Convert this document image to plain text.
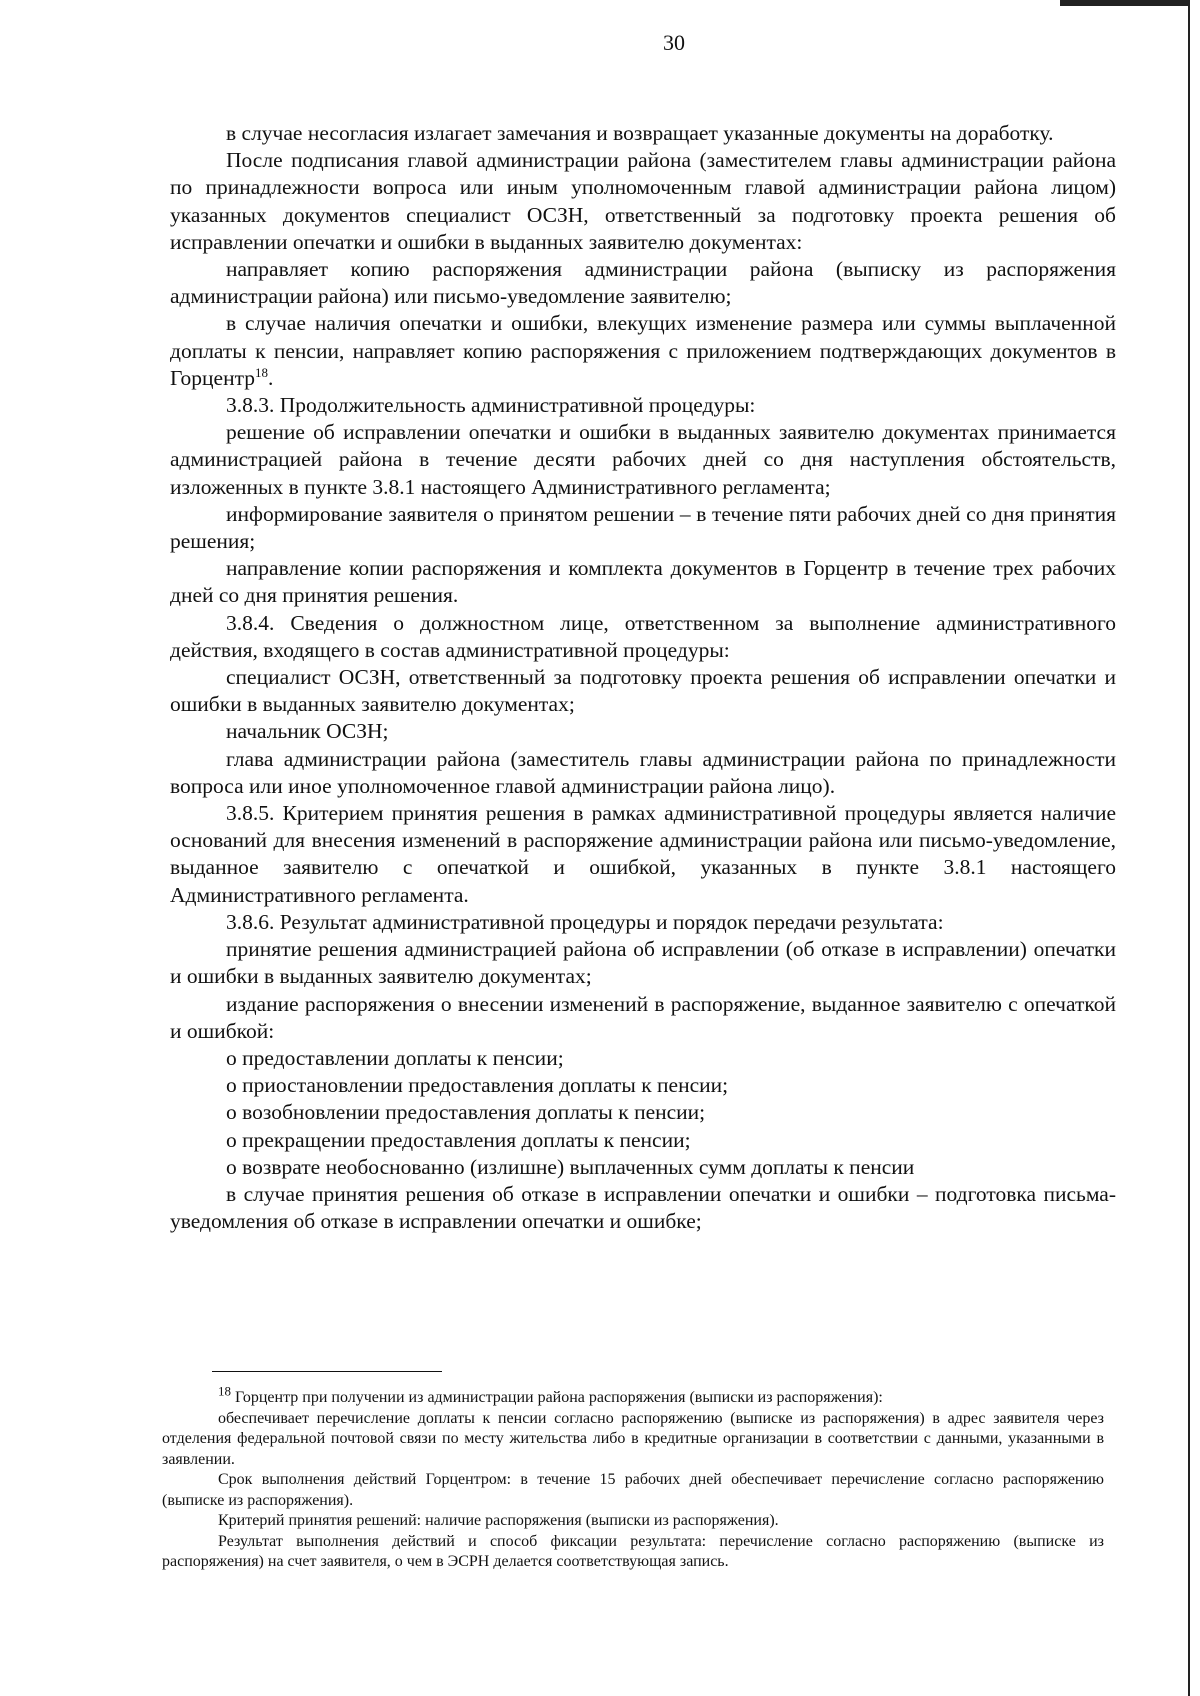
30

в случае несогласия излагает замечания и возвращает указанные документы на доработку.

После подписания главой администрации района (заместителем главы администрации района по принадлежности вопроса или иным уполномоченным главой администрации района лицом) указанных документов специалист ОСЗН, ответственный за подготовку проекта решения об исправлении опечатки и ошибки в выданных заявителю документах:

направляет копию распоряжения администрации района (выписку из распоряжения администрации района) или письмо-уведомление заявителю;

в случае наличия опечатки и ошибки, влекущих изменение размера или суммы выплаченной доплаты к пенсии, направляет копию распоряжения с приложением подтверждающих документов в Горцентр$^{18}$.

3.8.3. Продолжительность административной процедуры:

решение об исправлении опечатки и ошибки в выданных заявителю документах принимается администрацией района в течение десяти рабочих дней со дня наступления обстоятельств, изложенных в пункте 3.8.1 настоящего Административного регламента;

информирование заявителя о принятом решении – в течение пяти рабочих дней со дня принятия решения;

направление копии распоряжения и комплекта документов в Горцентр в течение трех рабочих дней со дня принятия решения.

3.8.4. Сведения о должностном лице, ответственном за выполнение административного действия, входящего в состав административной процедуры:

специалист ОСЗН, ответственный за подготовку проекта решения об исправлении опечатки и ошибки в выданных заявителю документах;

начальник ОСЗН;

глава администрации района (заместитель главы администрации района по принадлежности вопроса или иное уполномоченное главой администрации района лицо).

3.8.5. Критерием принятия решения в рамках административной процедуры является наличие оснований для внесения изменений в распоряжение администрации района или письмо-уведомление, выданное заявителю с опечаткой и ошибкой, указанных в пункте 3.8.1 настоящего Административного регламента.

3.8.6. Результат административной процедуры и порядок передачи результата:

принятие решения администрацией района об исправлении (об отказе в исправлении) опечатки и ошибки в выданных заявителю документах;

издание распоряжения о внесении изменений в распоряжение, выданное заявителю с опечаткой и ошибкой:

о предоставлении доплаты к пенсии;

о приостановлении предоставления доплаты к пенсии;

о возобновлении предоставления доплаты к пенсии;

о прекращении предоставления доплаты к пенсии;

о возврате необоснованно (излишне) выплаченных сумм доплаты к пенсии

в случае принятия решения об отказе в исправлении опечатки и ошибки – подготовка письма-уведомления об отказе в исправлении опечатки и ошибке;

$^{18}$ Горцентр при получении из администрации района распоряжения (выписки из распоряжения):

обеспечивает перечисление доплаты к пенсии согласно распоряжению (выписке из распоряжения) в адрес заявителя через отделения федеральной почтовой связи по месту жительства либо в кредитные организации в соответствии с данными, указанными в заявлении.

Срок выполнения действий Горцентром: в течение 15 рабочих дней обеспечивает перечисление согласно распоряжению (выписке из распоряжения).

Критерий принятия решений: наличие распоряжения (выписки из распоряжения).

Результат выполнения действий и способ фиксации результата: перечисление согласно распоряжению (выписке из распоряжения) на счет заявителя, о чем в ЭСРН делается соответствующая запись.
